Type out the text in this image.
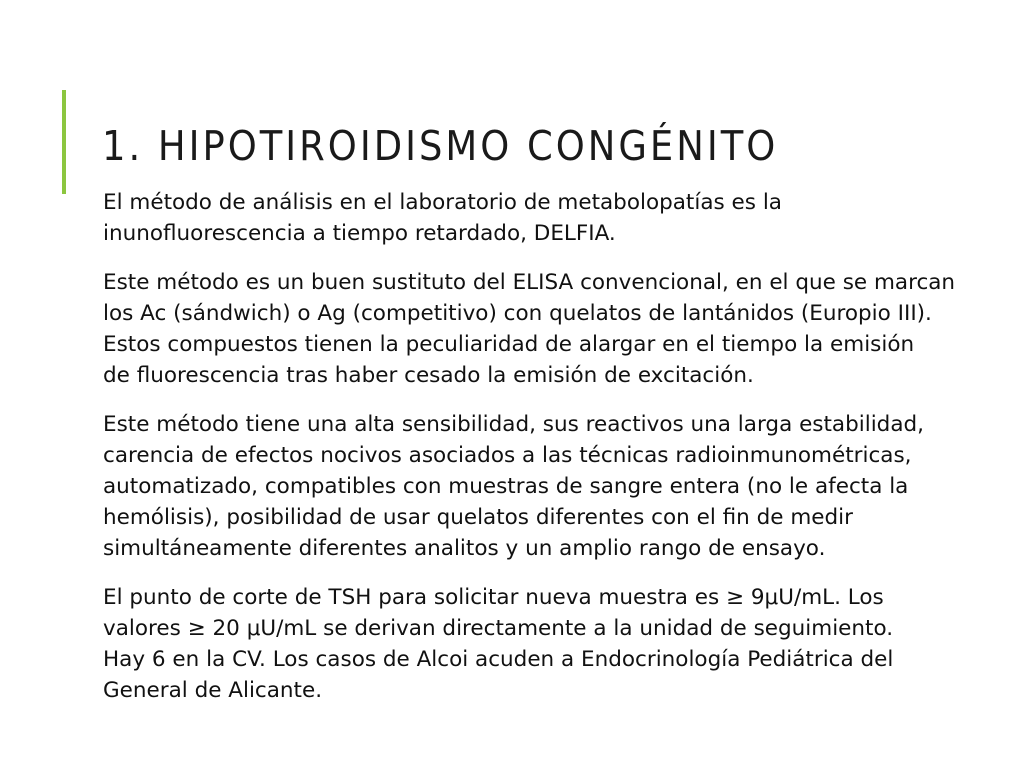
1. HIPOTIROIDISMO CONGÉNITO

El método de análisis en el laboratorio de metabolopatías es la
inunofluorescencia a tiempo retardado, DELFIA.

Este método es un buen sustituto del ELISA convencional, en el que se marcan
los Ac (sándwich) o Ag (competitivo) con quelatos de lantánidos (Europio III).
Estos compuestos tienen la peculiaridad de alargar en el tiempo la emisión
de fluorescencia tras haber cesado la emisión de excitación.

Este método tiene una alta sensibilidad, sus reactivos una larga estabilidad,
carencia de efectos nocivos asociados a las técnicas radioinmunométricas,
automatizado, compatibles con muestras de sangre entera (no le afecta la
hemólisis), posibilidad de usar quelatos diferentes con el fin de medir
simultáneamente diferentes analitos y un amplio rango de ensayo.

El punto de corte de TSH para solicitar nueva muestra es ≥ 9μU/mL. Los
valores ≥ 20 μU/mL se derivan directamente a la unidad de seguimiento.
Hay 6 en la CV. Los casos de Alcoi acuden a Endocrinología Pediátrica del
General de Alicante.
